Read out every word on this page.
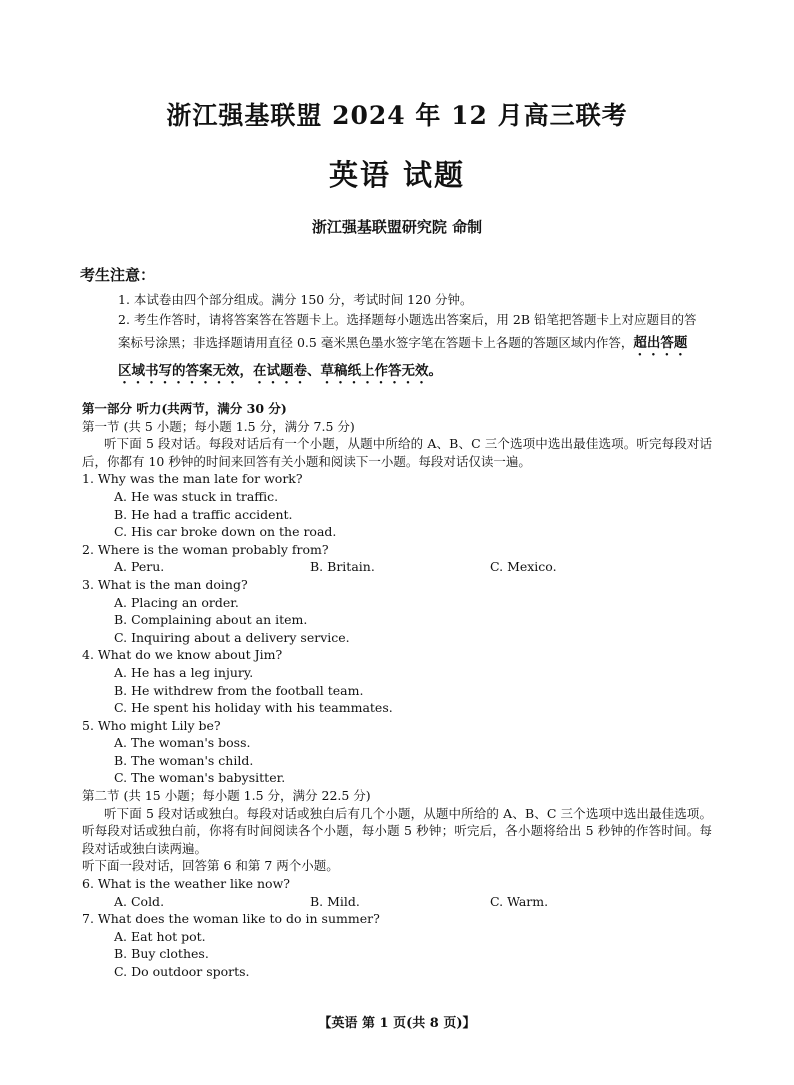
浙江强基联盟 2024 年 12 月高三联考
英语 试题
浙江强基联盟研究院 命制
考生注意：
1. 本试卷由四个部分组成。满分 150 分，考试时间 120 分钟。
2. 考生作答时，请将答案答在答题卡上。选择题每小题选出答案后，用 2B 铅笔把答题卡上对应题目的答案标号涂黑；非选择题请用直径 0.5 毫米黑色墨水签字笔在答题卡上各题的答题区域内作答，超出答题区域书写的答案无效，在试题卷、草稿纸上作答无效。
第一部分 听力(共两节，满分 30 分)
第一节 (共 5 小题；每小题 1.5 分，满分 7.5 分)
听下面 5 段对话。每段对话后有一个小题，从题中所给的 A、B、C 三个选项中选出最佳选项。听完每段对话后，你都有 10 秒钟的时间来回答有关小题和阅读下一小题。每段对话仅读一遍。
1. Why was the man late for work?
A. He was stuck in traffic.
B. He had a traffic accident.
C. His car broke down on the road.
2. Where is the woman probably from?
A. Peru.	B. Britain.	C. Mexico.
3. What is the man doing?
A. Placing an order.
B. Complaining about an item.
C. Inquiring about a delivery service.
4. What do we know about Jim?
A. He has a leg injury.
B. He withdrew from the football team.
C. He spent his holiday with his teammates.
5. Who might Lily be?
A. The woman's boss.
B. The woman's child.
C. The woman's babysitter.
第二节 (共 15 小题；每小题 1.5 分，满分 22.5 分)
听下面 5 段对话或独白。每段对话或独白后有几个小题，从题中所给的 A、B、C 三个选项中选出最佳选项。听每段对话或独白前，你将有时间阅读各个小题，每小题 5 秒钟；听完后，各小题将给出 5 秒钟的作答时间。每段对话或独白读两遍。
听下面一段对话，回答第 6 和第 7 两个小题。
6. What is the weather like now?
A. Cold.	B. Mild.	C. Warm.
7. What does the woman like to do in summer?
A. Eat hot pot.
B. Buy clothes.
C. Do outdoor sports.
【英语 第 1 页(共 8 页)】
